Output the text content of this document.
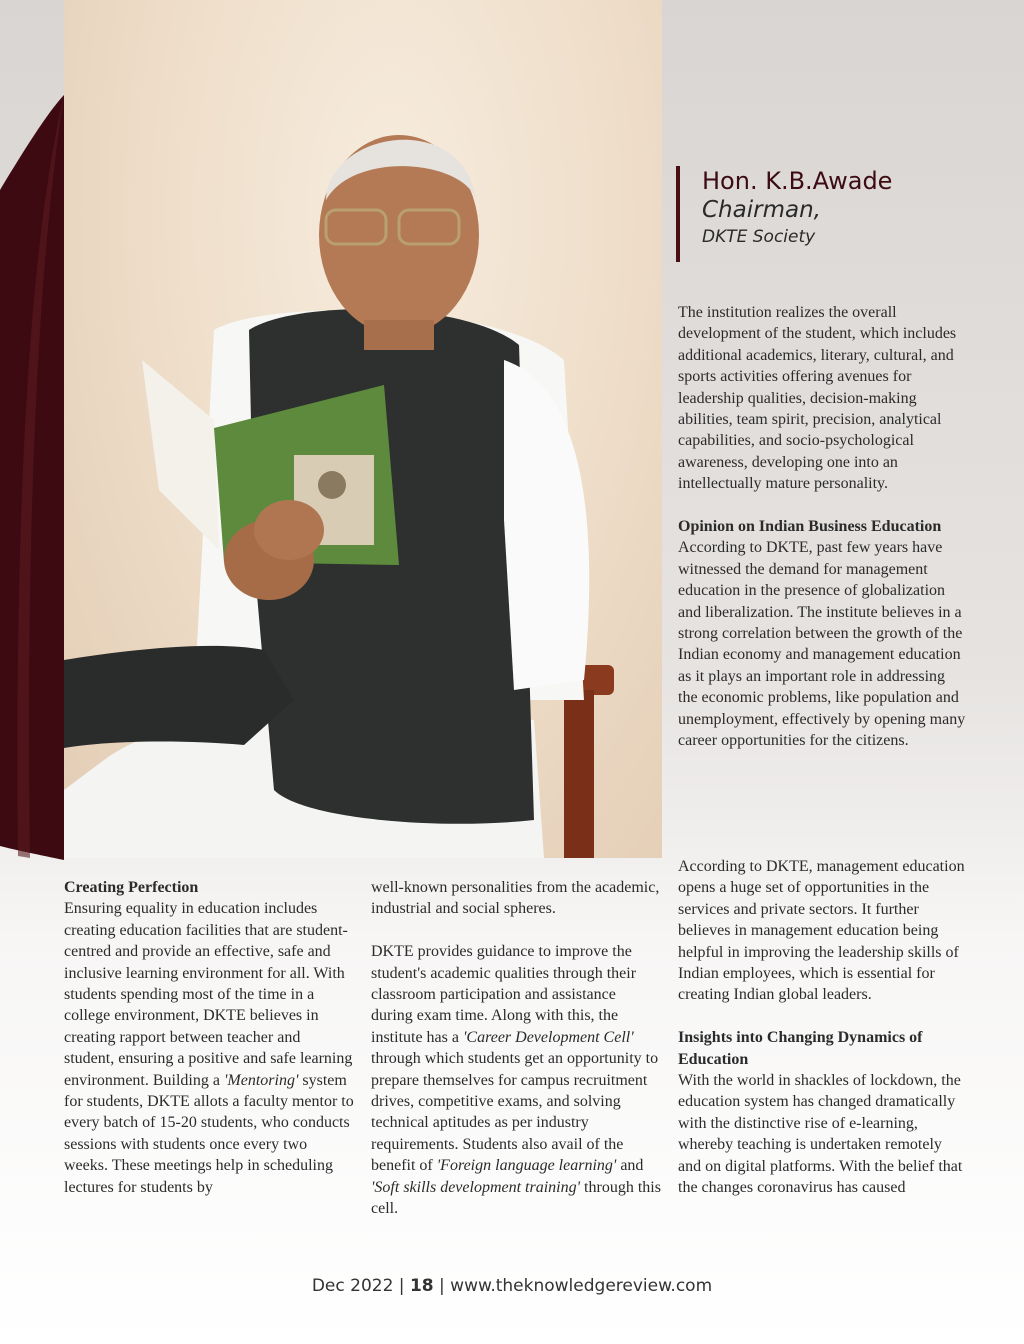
Hon. K.B.Awade
Chairman,
DKTE Society

The institution realizes the overall development of the student, which includes additional academics, literary, cultural, and sports activities offering avenues for leadership qualities, decision-making abilities, team spirit, precision, analytical capabilities, and socio-psychological awareness, developing one into an intellectually mature personality.

Opinion on Indian Business Education
According to DKTE, past few years have witnessed the demand for management education in the presence of globalization and liberalization. The institute believes in a strong correlation between the growth of the Indian economy and management education as it plays an important role in addressing the economic problems, like population and unemployment, effectively by opening many career opportunities for the citizens.

Creating Perfection
Ensuring equality in education includes creating education facilities that are student-centred and provide an effective, safe and inclusive learning environment for all. With students spending most of the time in a college environment, DKTE believes in creating rapport between teacher and student, ensuring a positive and safe learning environment. Building a 'Mentoring' system for students, DKTE allots a faculty mentor to every batch of 15-20 students, who conducts sessions with students once every two weeks. These meetings help in scheduling lectures for students by

well-known personalities from the academic, industrial and social spheres.

DKTE provides guidance to improve the student's academic qualities through their classroom participation and assistance during exam time. Along with this, the institute has a 'Career Development Cell' through which students get an opportunity to prepare themselves for campus recruitment drives, competitive exams, and solving technical aptitudes as per industry requirements. Students also avail of the benefit of 'Foreign language learning' and 'Soft skills development training' through this cell.

According to DKTE, management education opens a huge set of opportunities in the services and private sectors. It further believes in management education being helpful in improving the leadership skills of Indian employees, which is essential for creating Indian global leaders.

Insights into Changing Dynamics of Education
With the world in shackles of lockdown, the education system has changed dramatically with the distinctive rise of e-learning, whereby teaching is undertaken remotely and on digital platforms. With the belief that the changes coronavirus has caused

Dec 2022 | 18 | www.theknowledgereview.com
